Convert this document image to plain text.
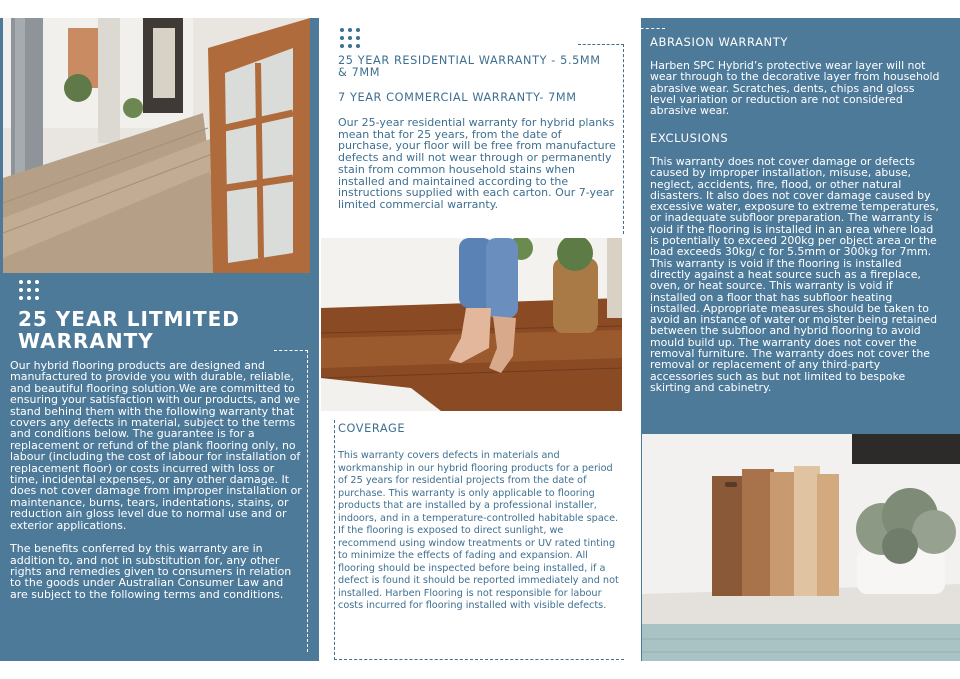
25 YEAR LITMITED
WARRANTY

Our hybrid flooring products are designed and manufactured to provide you with durable, reliable, and beautiful flooring solution.We are committed to ensuring your satisfaction with our products, and we stand behind them with the following warranty that covers any defects in material, subject to the terms and conditions below. The guarantee is for a replacement or refund of the plank flooring only, no labour (including the cost of labour for installation of replacement floor) or costs incurred with loss or time, incidental expenses, or any other damage. It does not cover damage from improper installation or maintenance, burns, tears, indentations, stains, or reduction ain gloss level due to normal use and or exterior applications.

The benefits conferred by this warranty are in addition to, and not in substitution for, any other rights and remedies given to consumers in relation to the goods under Australian Consumer Law and are subject to the following terms and conditions.

25 YEAR RESIDENTIAL WARRANTY - 5.5MM & 7MM
7 YEAR COMMERCIAL WARRANTY- 7MM
Our 25-year residential warranty for hybrid planks mean that for 25 years, from the date of purchase, your floor will be free from manufacture defects and will not wear through or permanently stain from common household stains when installed and maintained according to the instructions supplied with each carton. Our 7-year limited commercial warranty.
COVERAGE
This warranty covers defects in materials and workmanship in our hybrid flooring products for a period of 25 years for residential projects from the date of purchase. This warranty is only applicable to flooring products that are installed by a professional installer, indoors, and in a temperature-controlled habitable space. If the flooring is exposed to direct sunlight, we recommend using window treatments or UV rated tinting to minimize the effects of fading and expansion. All flooring should be inspected before being installed, if a defect is found it should be reported immediately and not installed. Harben Flooring is not responsible for labour costs incurred for flooring installed with visible defects.
ABRASION WARRANTY
Harben SPC Hybrid’s protective wear layer will not wear through to the decorative layer from household abrasive wear. Scratches, dents, chips and gloss level variation or reduction are not considered abrasive wear.
EXCLUSIONS
This warranty does not cover damage or defects caused by improper installation, misuse, abuse, neglect, accidents, fire, flood, or other natural disasters. It also does not cover damage caused by excessive water, exposure to extreme temperatures, or inadequate subfloor preparation. The warranty is void if the flooring is installed in an area where load is potentially to exceed 200kg per object area or the load exceeds 30kg/ c for 5.5mm or 300kg for 7mm. This warranty is void if the flooring is installed directly against a heat source such as a fireplace, oven, or heat source. This warranty is void if installed on a floor that has subfloor heating installed. Appropriate measures should be taken to avoid an instance of water or moister being retained between the subfloor and hybrid flooring to avoid mould build up. The warranty does not cover the removal furniture. The warranty does not cover the removal or replacement of any third-party accessories such as but not limited to bespoke skirting and cabinetry.
